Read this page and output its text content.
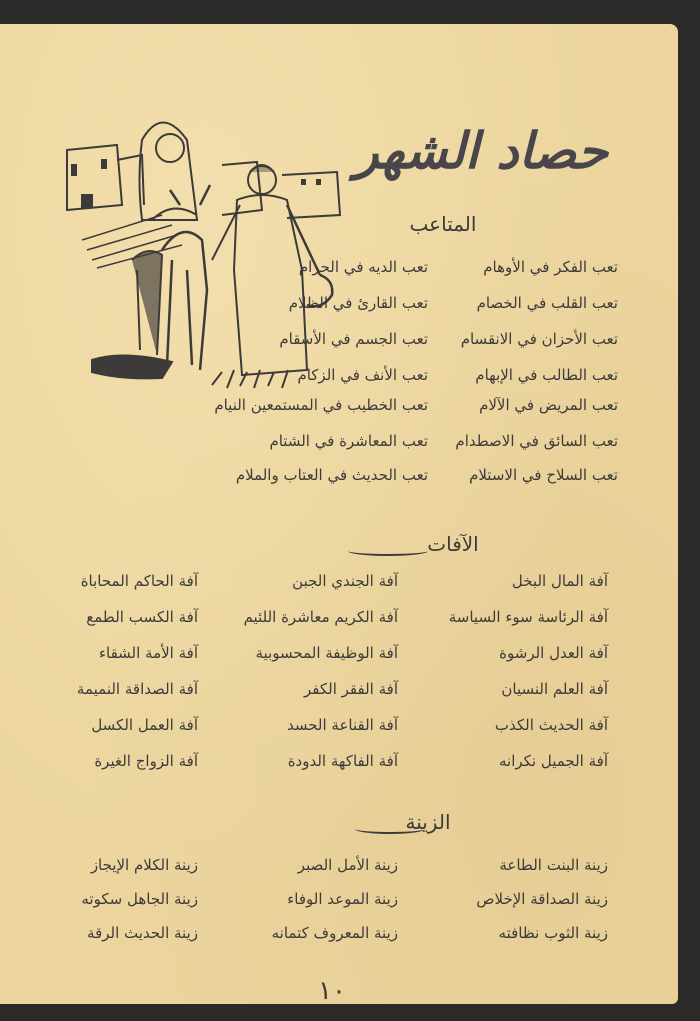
حصاد الشهر
المتاعب
تعب الفكر في الأوهام
تعب الديه في الحرام
تعب القلب في الخصام
تعب القارئ في الظلام
تعب الأحزان في الانقسام
تعب الجسم في الأسقام
تعب الطالب في الإبهام
تعب الأنف في الزكام
تعب المريض في الآلام
تعب الخطيب في المستمعين النيام
تعب السائق في الاصطدام
تعب المعاشرة في الشتام
تعب السلاح في الاستلام
تعب الحديث في العتاب والملام
الآفات
آفة المال البخل
آفة الجندي الجبن
آفة الحاكم المحاباة
آفة الرئاسة سوء السياسة
آفة الكريم معاشرة اللئيم
آفة الكسب الطمع
آفة العدل الرشوة
آفة الوظيفة المحسوبية
آفة الأمة الشقاء
آفة العلم النسيان
آفة الفقر الكفر
آفة الصداقة النميمة
آفة الحديث الكذب
آفة القناعة الحسد
آفة العمل الكسل
آفة الجميل نكرانه
آفة الفاكهة الدودة
آفة الزواج الغيرة
الزينة
زينة البنت الطاعة
زينة الأمل الصبر
زينة الكلام الإيجاز
زينة الصداقة الإخلاص
زينة الموعد الوفاء
زينة الجاهل سكوته
زينة الثوب نظافته
زينة المعروف كتمانه
زينة الحديث الرقة
١٠
